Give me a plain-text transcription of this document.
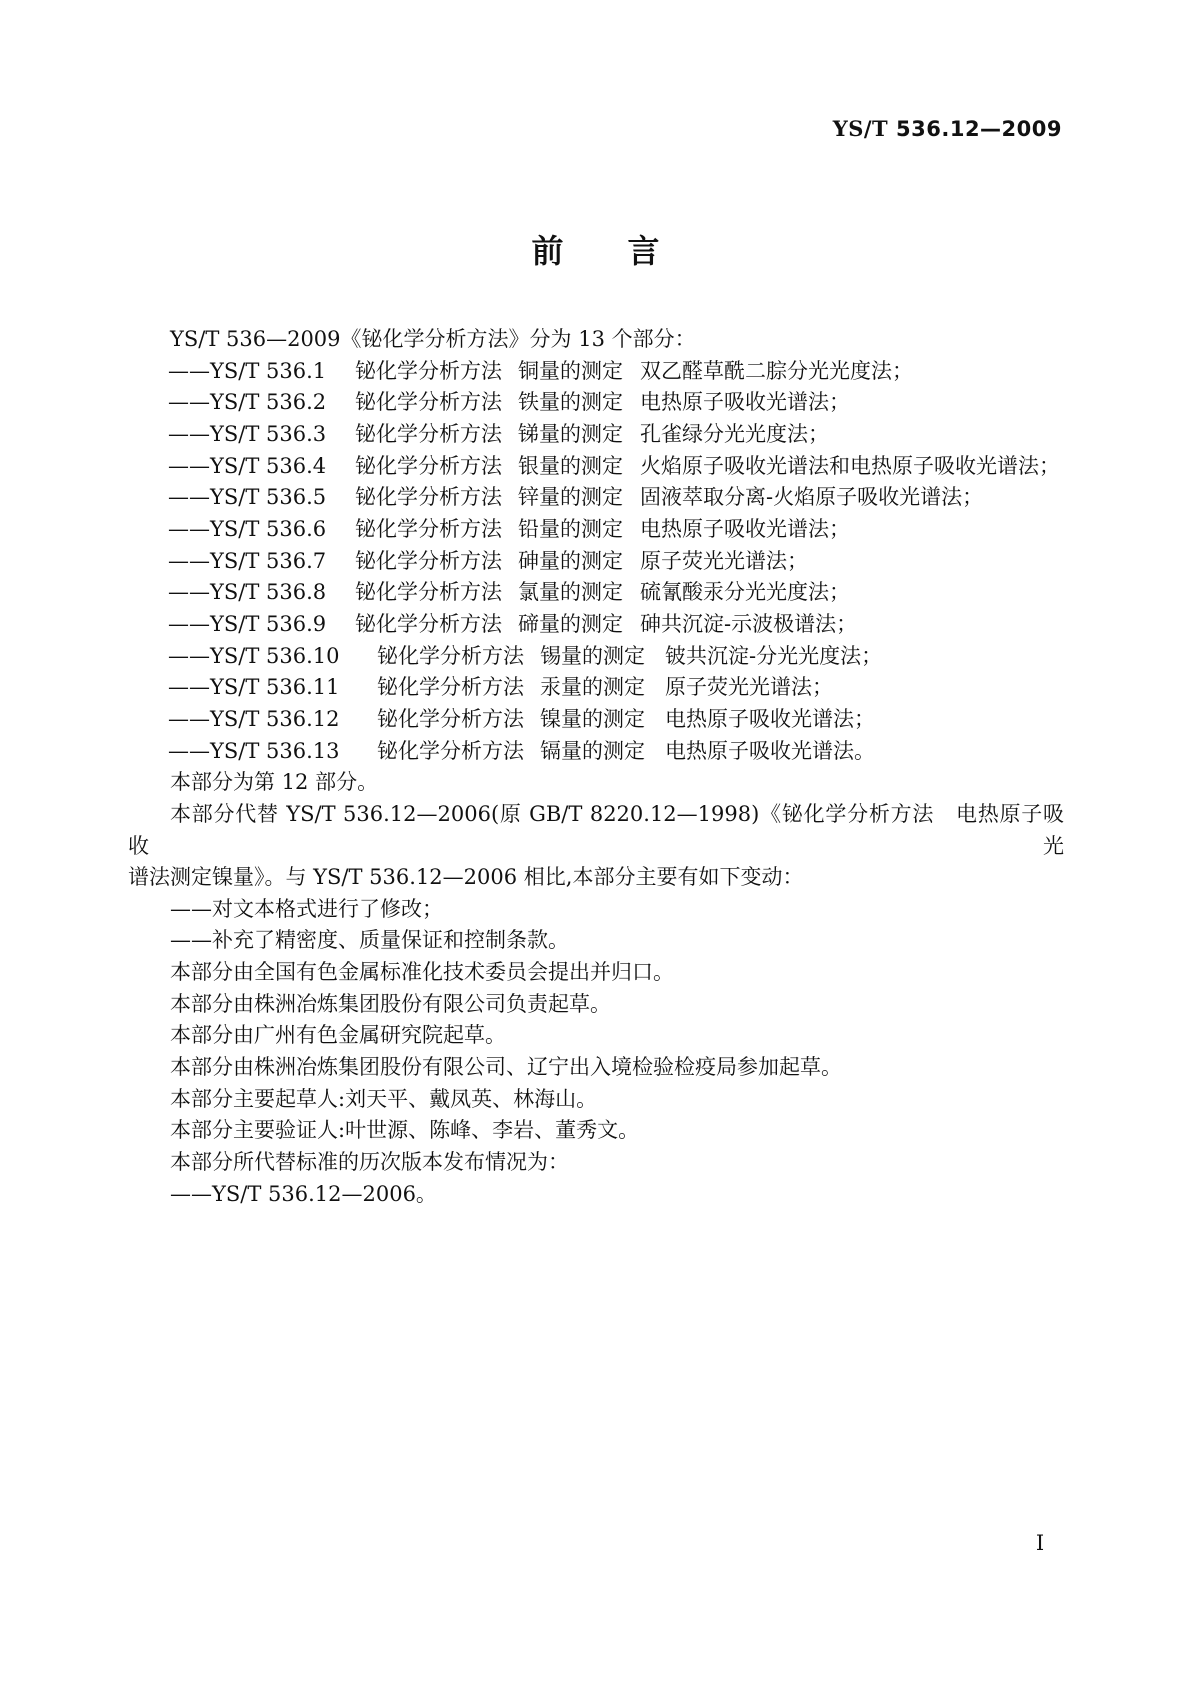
YS/T 536.12—2009
前　　言
YS/T 536—2009《铋化学分析方法》分为 13 个部分：
——YS/T 536.1	铋化学分析方法 铜量的测定 双乙醛草酰二腙分光光度法；
——YS/T 536.2	铋化学分析方法 铁量的测定 电热原子吸收光谱法；
——YS/T 536.3	铋化学分析方法 锑量的测定 孔雀绿分光光度法；
——YS/T 536.4	铋化学分析方法 银量的测定 火焰原子吸收光谱法和电热原子吸收光谱法；
——YS/T 536.5	铋化学分析方法 锌量的测定 固液萃取分离-火焰原子吸收光谱法；
——YS/T 536.6	铋化学分析方法 铅量的测定 电热原子吸收光谱法；
——YS/T 536.7	铋化学分析方法 砷量的测定 原子荧光光谱法；
——YS/T 536.8	铋化学分析方法 氯量的测定 硫氰酸汞分光光度法；
——YS/T 536.9	铋化学分析方法 碲量的测定 砷共沉淀-示波极谱法；
——YS/T 536.10	铋化学分析方法 锡量的测定 铍共沉淀-分光光度法；
——YS/T 536.11	铋化学分析方法 汞量的测定 原子荧光光谱法；
——YS/T 536.12	铋化学分析方法 镍量的测定 电热原子吸收光谱法；
——YS/T 536.13	铋化学分析方法 镉量的测定 电热原子吸收光谱法。
本部分为第 12 部分。
本部分代替 YS/T 536.12—2006(原 GB/T 8220.12—1998)《铋化学分析方法　电热原子吸收光
谱法测定镍量》。与 YS/T 536.12—2006 相比,本部分主要有如下变动：
——对文本格式进行了修改；
——补充了精密度、质量保证和控制条款。
本部分由全国有色金属标准化技术委员会提出并归口。
本部分由株洲冶炼集团股份有限公司负责起草。
本部分由广州有色金属研究院起草。
本部分由株洲冶炼集团股份有限公司、辽宁出入境检验检疫局参加起草。
本部分主要起草人:刘天平、戴凤英、林海山。
本部分主要验证人:叶世源、陈峰、李岩、董秀文。
本部分所代替标准的历次版本发布情况为：
——YS/T 536.12—2006。
I
